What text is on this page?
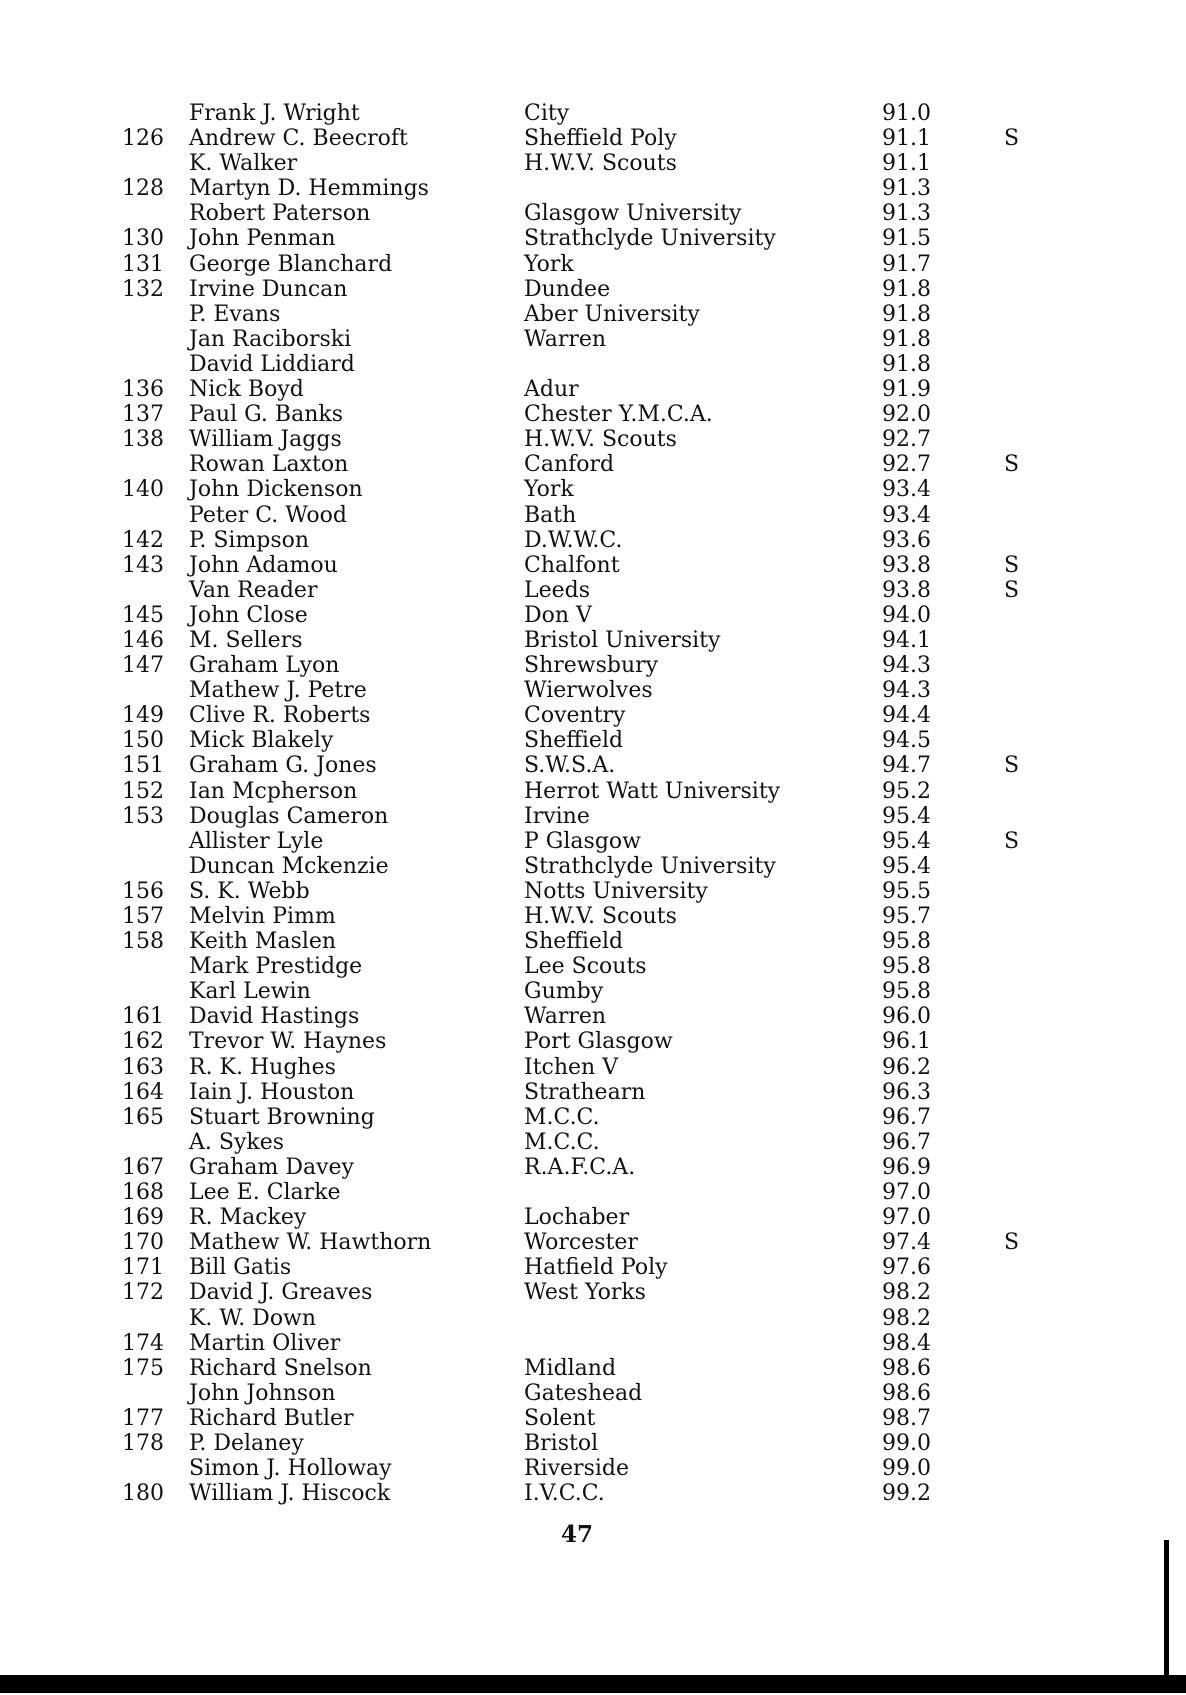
Frank J. Wright	City	91.0
126 Andrew C. Beecroft	Sheffield Poly	91.1	S
K. Walker	H.W.V. Scouts	91.1
128 Martyn D. Hemmings	91.3
Robert Paterson	Glasgow University	91.3
130 John Penman	Strathclyde University	91.5
131 George Blanchard	York	91.7
132 Irvine Duncan	Dundee	91.8
P. Evans	Aber University	91.8
Jan Raciborski	Warren	91.8
David Liddiard	91.8
136 Nick Boyd	Adur	91.9
137 Paul G. Banks	Chester Y.M.C.A.	92.0
138 William Jaggs	H.W.V. Scouts	92.7
Rowan Laxton	Canford	92.7	S
140 John Dickenson	York	93.4
Peter C. Wood	Bath	93.4
142 P. Simpson	D.W.W.C.	93.6
143 John Adamou	Chalfont	93.8	S
Van Reader	Leeds	93.8	S
145 John Close	Don V	94.0
146 M. Sellers	Bristol University	94.1
147 Graham Lyon	Shrewsbury	94.3
Mathew J. Petre	Wierwolves	94.3
149 Clive R. Roberts	Coventry	94.4
150 Mick Blakely	Sheffield	94.5
151 Graham G. Jones	S.W.S.A.	94.7	S
152 Ian Mcpherson	Herrot Watt University	95.2
153 Douglas Cameron	Irvine	95.4
Allister Lyle	P Glasgow	95.4	S
Duncan Mckenzie	Strathclyde University	95.4
156 S. K. Webb	Notts University	95.5
157 Melvin Pimm	H.W.V. Scouts	95.7
158 Keith Maslen	Sheffield	95.8
Mark Prestidge	Lee Scouts	95.8
Karl Lewin	Gumby	95.8
161 David Hastings	Warren	96.0
162 Trevor W. Haynes	Port Glasgow	96.1
163 R. K. Hughes	Itchen V	96.2
164 Iain J. Houston	Strathearn	96.3
165 Stuart Browning	M.C.C.	96.7
A. Sykes	M.C.C.	96.7
167 Graham Davey	R.A.F.C.A.	96.9
168 Lee E. Clarke	97.0
169 R. Mackey	Lochaber	97.0
170 Mathew W. Hawthorn	Worcester	97.4	S
171 Bill Gatis	Hatfield Poly	97.6
172 David J. Greaves	West Yorks	98.2
K. W. Down	98.2
174 Martin Oliver	98.4
175 Richard Snelson	Midland	98.6
John Johnson	Gateshead	98.6
177 Richard Butler	Solent	98.7
178 P. Delaney	Bristol	99.0
Simon J. Holloway	Riverside	99.0
180 William J. Hiscock	I.V.C.C.	99.2
47
